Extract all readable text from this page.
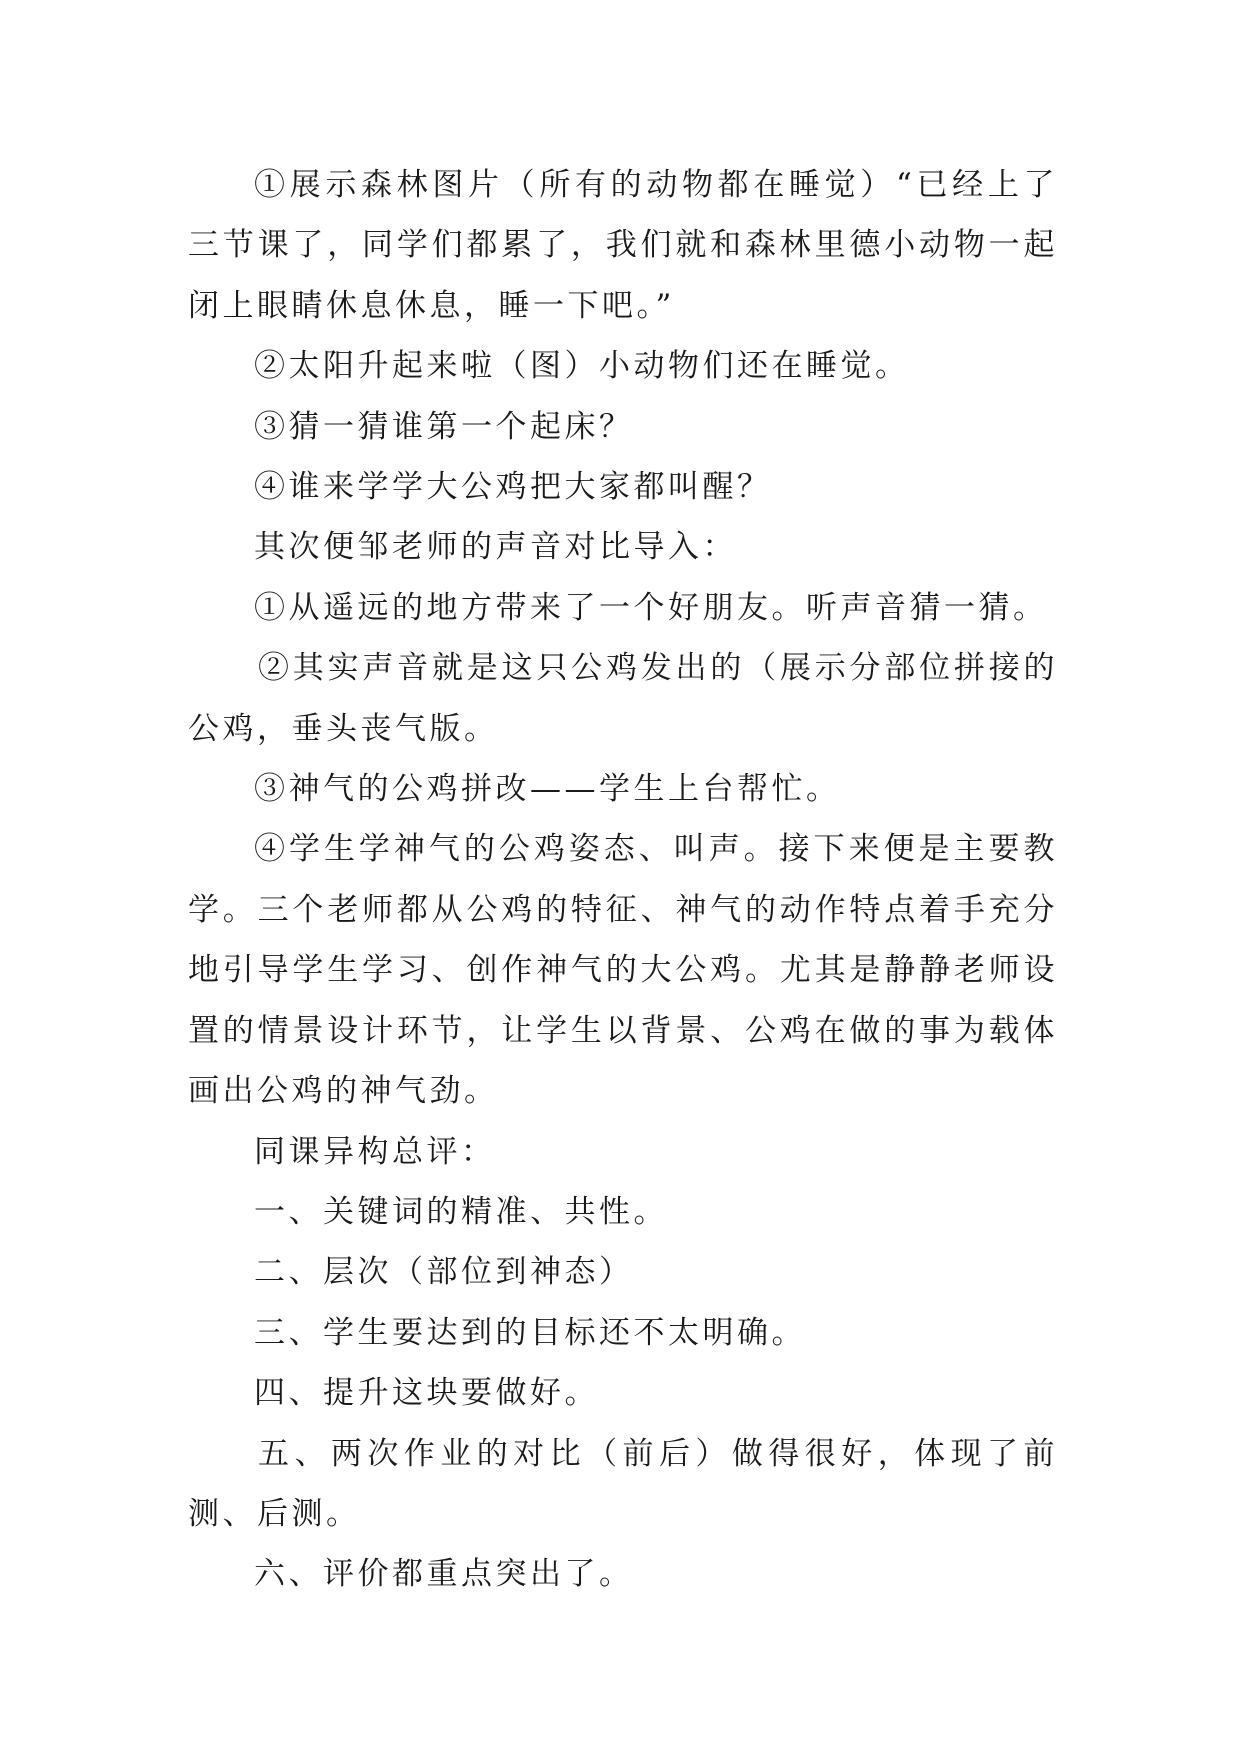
①展示森林图片（所有的动物都在睡觉）“已经上了三节课了，同学们都累了，我们就和森林里德小动物一起闭上眼睛休息休息，睡一下吧。”

②太阳升起来啦（图）小动物们还在睡觉。

③猜一猜谁第一个起床？

④谁来学学大公鸡把大家都叫醒？

其次便邹老师的声音对比导入：

①从遥远的地方带来了一个好朋友。听声音猜一猜。

②其实声音就是这只公鸡发出的（展示分部位拼接的公鸡，垂头丧气版。

③神气的公鸡拼改——学生上台帮忙。

④学生学神气的公鸡姿态、叫声。接下来便是主要教学。三个老师都从公鸡的特征、神气的动作特点着手充分地引导学生学习、创作神气的大公鸡。尤其是静静老师设置的情景设计环节，让学生以背景、公鸡在做的事为载体画出公鸡的神气劲。

同课异构总评：

一、关键词的精准、共性。

二、层次（部位到神态）

三、学生要达到的目标还不太明确。

四、提升这块要做好。

五、两次作业的对比（前后）做得很好，体现了前测、后测。

六、评价都重点突出了。
